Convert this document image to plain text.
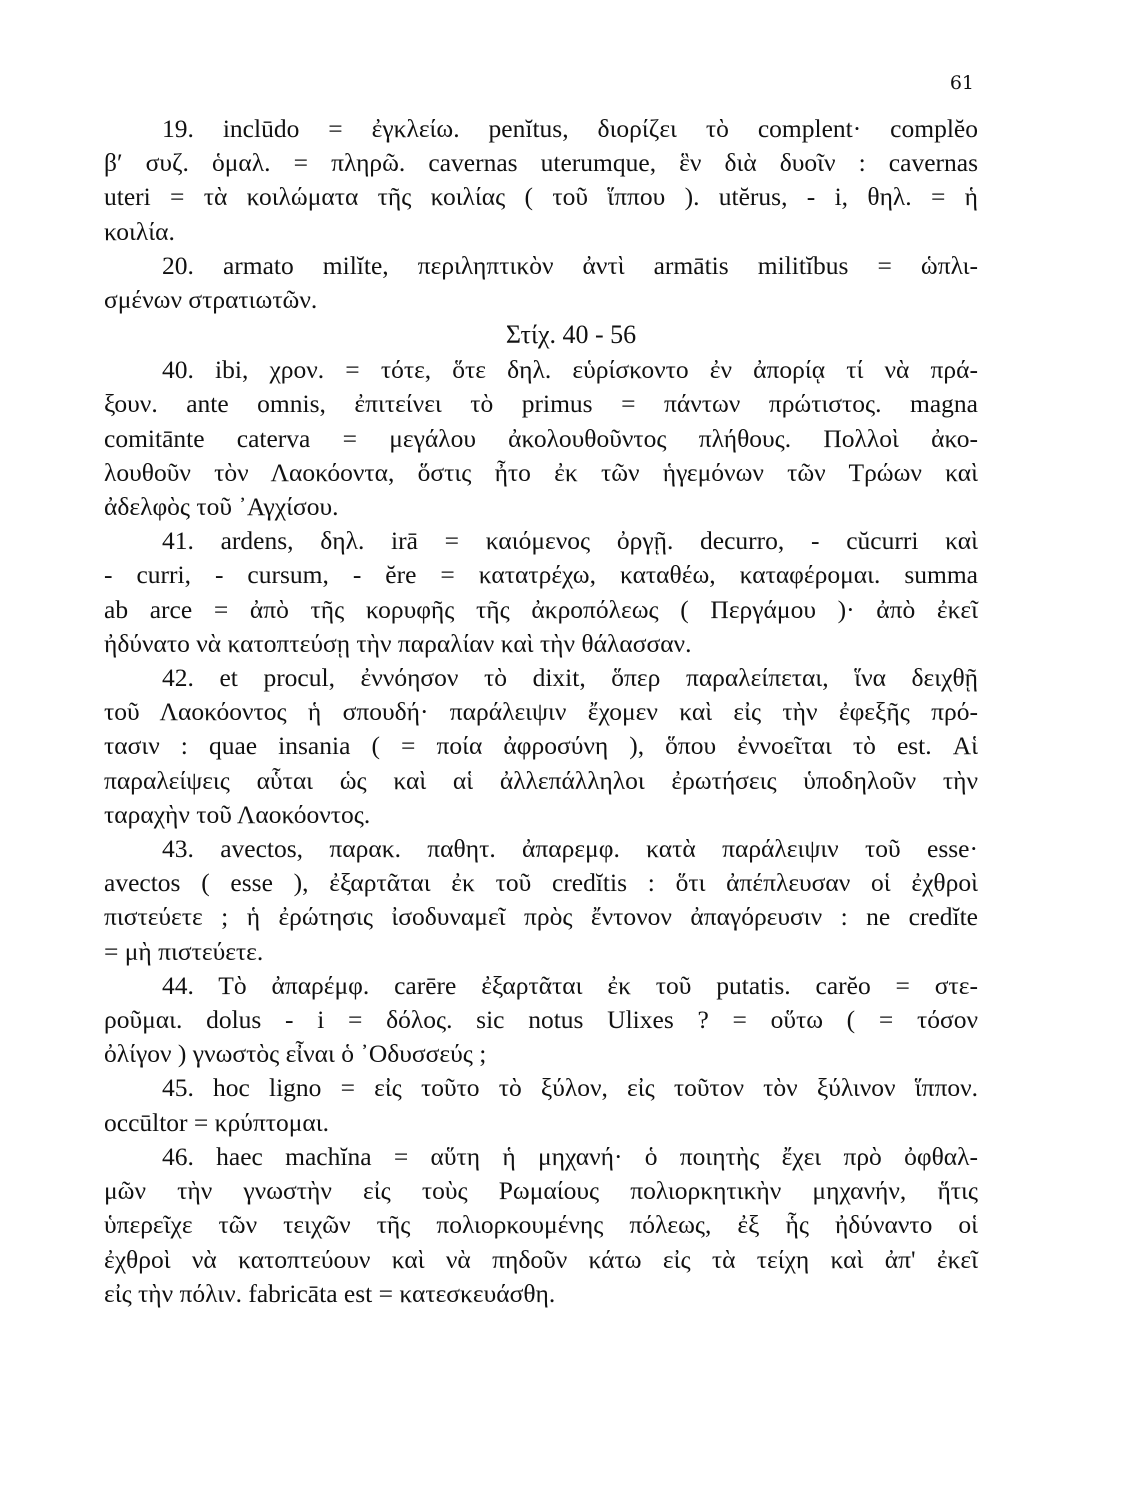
61
19. inclūdo = ἐγκλείω. penĭtus, διορίζει τὸ complent· complĕo
β′ συζ. ὁμαλ. = πληρῶ. cavernas uterumque, ἓν διὰ δυοῖν : cavernas
uteri = τὰ κοιλώματα τῆς κοιλίας ( τοῦ ἵππου ). utĕrus, - i, θηλ. = ἡ
κοιλία.
20. armato milĭte, περιληπτικὸν ἀντὶ armātis militĭbus = ὡπλι-
σμένων στρατιωτῶν.
Στίχ. 40 - 56
40. ibi, χρον. = τότε, ὅτε δηλ. εὑρίσκοντο ἐν ἀπορίᾳ τί νὰ πρά-
ξουν. ante omnis, ἐπιτείνει τὸ primus = πάντων πρώτιστος. magna
comitānte caterva = μεγάλου ἀκολουθοῦντος πλήθους. Πολλοὶ ἀκο-
λουθοῦν τὸν Λαοκόοντα, ὅστις ἦτο ἐκ τῶν ἡγεμόνων τῶν Τρώων καὶ
ἀδελφὸς τοῦ ᾿Αγχίσου.
41. ardens, δηλ. irā = καιόμενος ὀργῇ. decurro, - cŭcurri καὶ
- curri, - cursum, - ĕre = κατατρέχω, καταθέω, καταφέρομαι. summa
ab arce = ἀπὸ τῆς κορυφῆς τῆς ἀκροπόλεως ( Περγάμου )· ἀπὸ ἐκεῖ
ἠδύνατο νὰ κατοπτεύσῃ τὴν παραλίαν καὶ τὴν θάλασσαν.
42. et procul, ἐννόησον τὸ dixit, ὅπερ παραλείπεται, ἵνα δειχθῇ
τοῦ Λαοκόοντος ἡ σπουδή· παράλειψιν ἔχομεν καὶ εἰς τὴν ἐφεξῆς πρό-
τασιν : quae insania ( = ποία ἀφροσύνη ), ὅπου ἐννοεῖται τὸ est. Αἱ
παραλείψεις αὗται ὡς καὶ αἱ ἀλλεπάλληλοι ἐρωτήσεις ὑποδηλοῦν τὴν
ταραχὴν τοῦ Λαοκόοντος.
43. avectos, παρακ. παθητ. ἀπαρεμφ. κατὰ παράλειψιν τοῦ esse·
avectos ( esse ), ἐξαρτᾶται ἐκ τοῦ credĭtis : ὅτι ἀπέπλευσαν οἱ ἐχθροὶ
πιστεύετε ; ἡ ἐρώτησις ἰσοδυναμεῖ πρὸς ἔντονον ἀπαγόρευσιν : ne credĭte
= μὴ πιστεύετε.
44. Τὸ ἀπαρέμφ. carēre ἐξαρτᾶται ἐκ τοῦ putatis. carĕo = στε-
ροῦμαι. dolus - i = δόλος. sic notus Ulixes ? = οὕτω ( = τόσον
ὀλίγον ) γνωστὸς εἶναι ὁ ᾿Οδυσσεύς ;
45. hoc ligno = εἰς τοῦτο τὸ ξύλον, εἰς τοῦτον τὸν ξύλινον ἵππον.
occūltor = κρύπτομαι.
46. haec machĭna = αὕτη ἡ μηχανή· ὁ ποιητὴς ἔχει πρὸ ὀφθαλ-
μῶν τὴν γνωστὴν εἰς τοὺς Ρωμαίους πολιορκητικὴν μηχανήν, ἥτις
ὑπερεῖχε τῶν τειχῶν τῆς πολιορκουμένης πόλεως, ἐξ ἧς ἠδύναντο οἱ
ἐχθροὶ νὰ κατοπτεύουν καὶ νὰ πηδοῦν κάτω εἰς τὰ τείχη καὶ ἀπ' ἐκεῖ
εἰς τὴν πόλιν. fabricāta est = κατεσκευάσθη.
